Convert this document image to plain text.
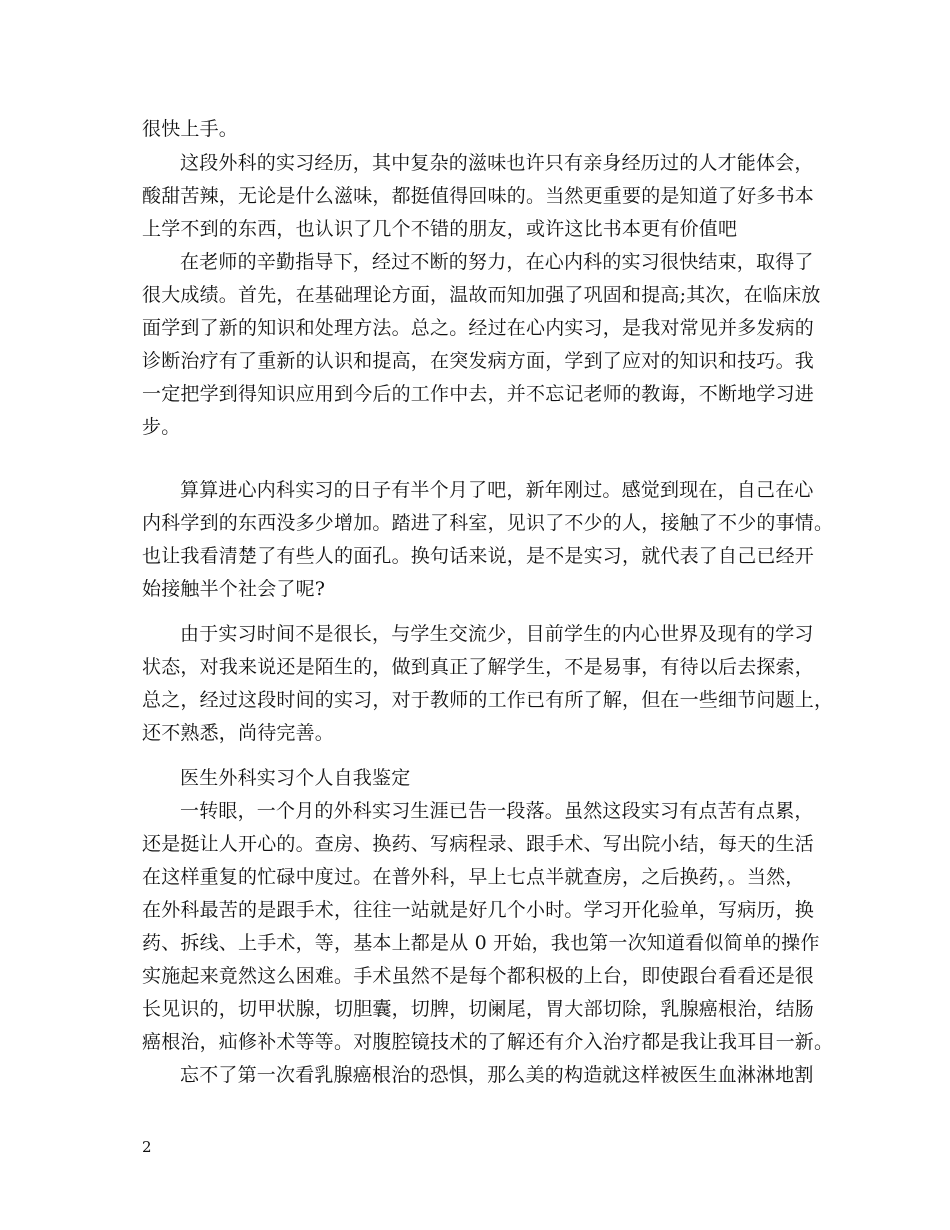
很快上手。
这段外科的实习经历，其中复杂的滋味也许只有亲身经历过的人才能体会，
酸甜苦辣，无论是什么滋味，都挺值得回味的。当然更重要的是知道了好多书本
上学不到的东西，也认识了几个不错的朋友，或许这比书本更有价值吧
在老师的辛勤指导下，经过不断的努力，在心内科的实习很快结束，取得了
很大成绩。首先，在基础理论方面，温故而知加强了巩固和提高;其次，在临床放
面学到了新的知识和处理方法。总之。经过在心内实习，是我对常见并多发病的
诊断治疗有了重新的认识和提高，在突发病方面，学到了应对的知识和技巧。我
一定把学到得知识应用到今后的工作中去，并不忘记老师的教诲，不断地学习进
步。
算算进心内科实习的日子有半个月了吧，新年刚过。感觉到现在，自己在心
内科学到的东西没多少增加。踏进了科室，见识了不少的人，接触了不少的事情。
也让我看清楚了有些人的面孔。换句话来说，是不是实习，就代表了自己已经开
始接触半个社会了呢?
由于实习时间不是很长，与学生交流少，目前学生的内心世界及现有的学习
状态，对我来说还是陌生的，做到真正了解学生，不是易事，有待以后去探索，
总之，经过这段时间的实习，对于教师的工作已有所了解，但在一些细节问题上，
还不熟悉，尚待完善。
医生外科实习个人自我鉴定
一转眼，一个月的外科实习生涯已告一段落。虽然这段实习有点苦有点累，
还是挺让人开心的。查房、换药、写病程录、跟手术、写出院小结，每天的生活
在这样重复的忙碌中度过。在普外科，早上七点半就查房，之后换药，。当然，
在外科最苦的是跟手术，往往一站就是好几个小时。学习开化验单，写病历，换
药、拆线、上手术，等，基本上都是从 0 开始，我也第一次知道看似简单的操作
实施起来竟然这么困难。手术虽然不是每个都积极的上台，即使跟台看看还是很
长见识的，切甲状腺，切胆囊，切脾，切阑尾，胃大部切除，乳腺癌根治，结肠
癌根治，疝修补术等等。对腹腔镜技术的了解还有介入治疗都是我让我耳目一新。
忘不了第一次看乳腺癌根治的恐惧，那么美的构造就这样被医生血淋淋地割
2
